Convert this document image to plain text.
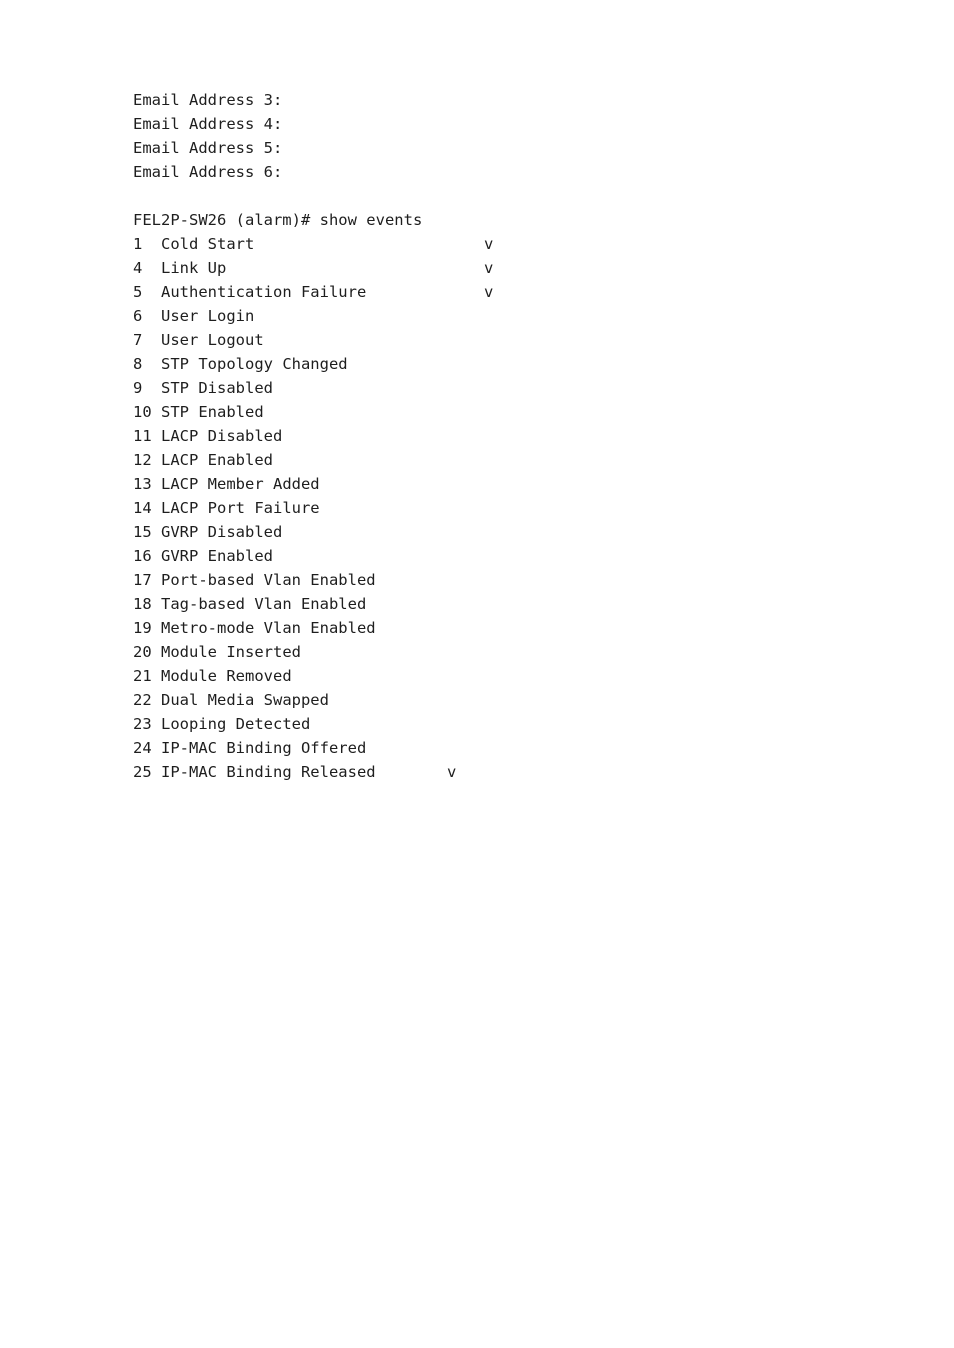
Email Address 3:
Email Address 4:
Email Address 5:
Email Address 6:
FEL2P-SW26 (alarm)# show events
1 Cold Start	v
4 Link Up	v
5 Authentication Failure	v
6 User Login
7 User Logout
8 STP Topology Changed
9 STP Disabled
10 STP Enabled
11 LACP Disabled
12 LACP Enabled
13 LACP Member Added
14 LACP Port Failure
15 GVRP Disabled
16 GVRP Enabled
17 Port-based Vlan Enabled
18 Tag-based Vlan Enabled
19 Metro-mode Vlan Enabled
20 Module Inserted
21 Module Removed
22 Dual Media Swapped
23 Looping Detected
24 IP-MAC Binding Offered
25 IP-MAC Binding Released	v
